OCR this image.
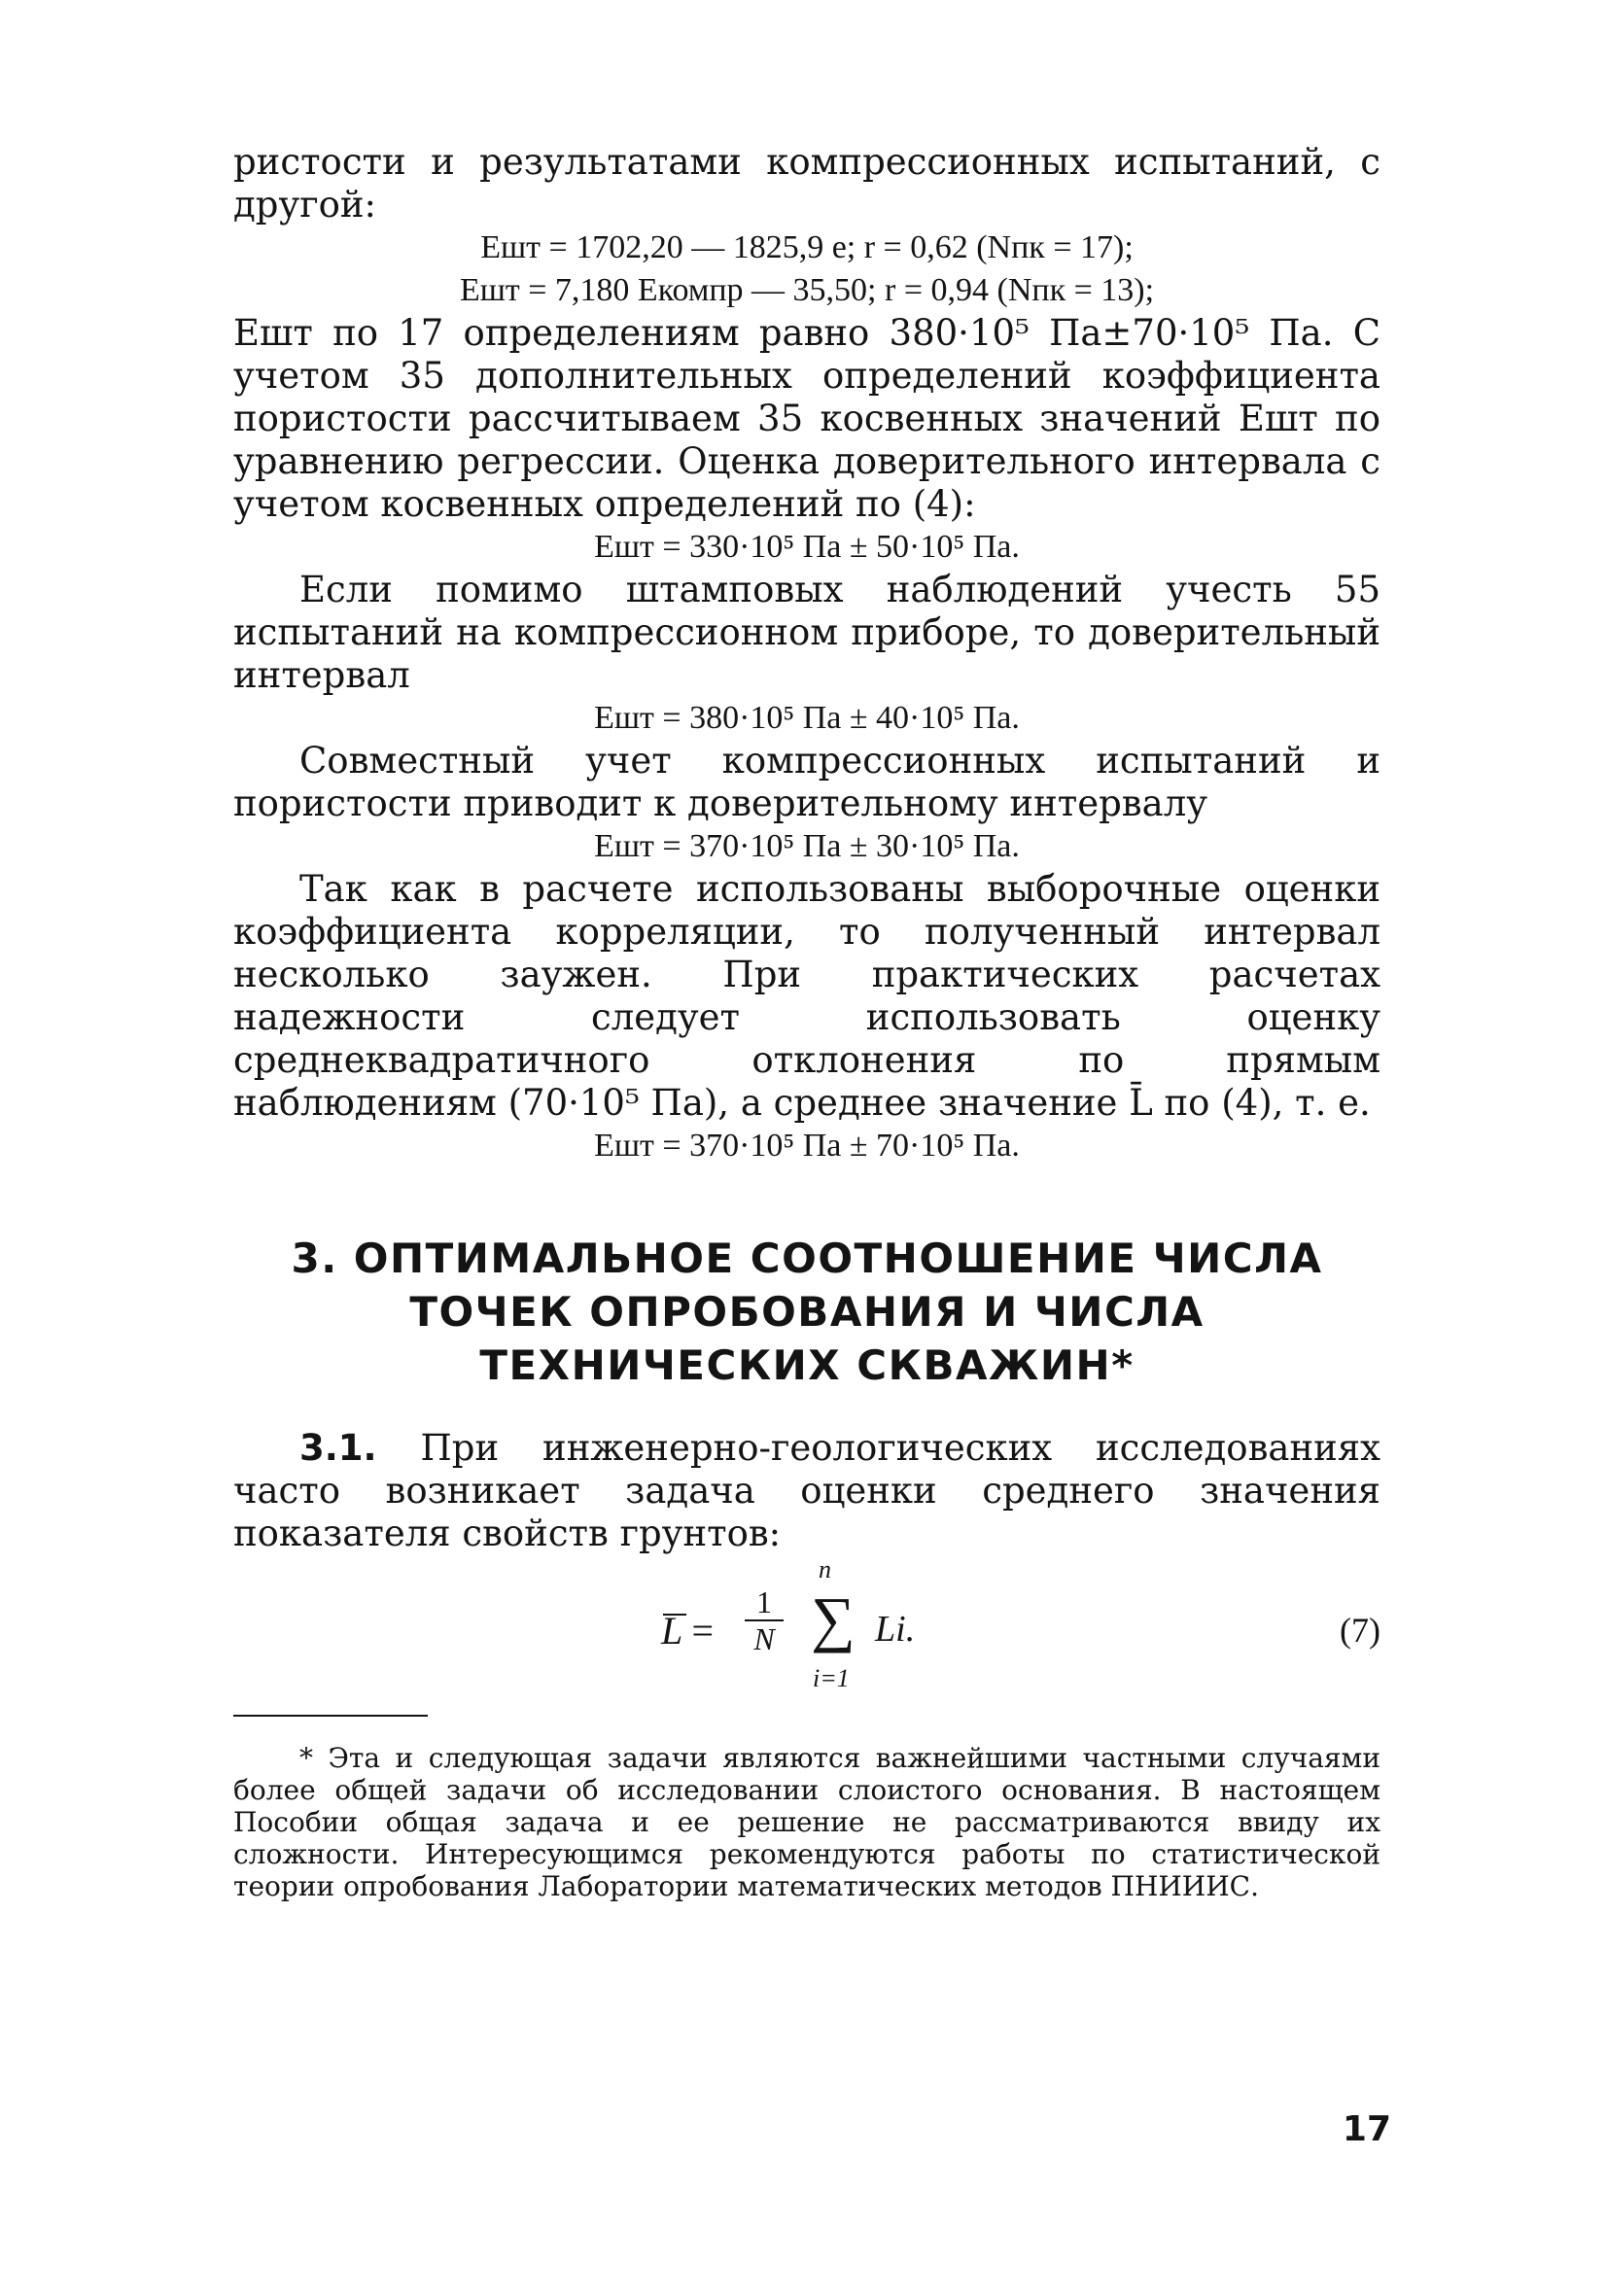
ристости и результатами компрессионных испытаний, с другой:

Eшт = 1702,20 — 1825,9 e; r = 0,62 (Nпк = 17);
Eшт = 7,180 Eкомпр — 35,50; r = 0,94 (Nпк = 13);

Eшт по 17 определениям равно 380·10⁵ Па±70·10⁵ Па. С учетом 35 дополнительных определений коэффициента пористости рассчитываем 35 косвенных значений Eшт по уравнению регрессии. Оценка доверительного интервала с учетом косвенных определений по (4):

Eшт = 330·10⁵ Па ± 50·10⁵ Па.

Если помимо штамповых наблюдений учесть 55 испытаний на компрессионном приборе, то доверительный интервал

Eшт = 380·10⁵ Па ± 40·10⁵ Па.

Совместный учет компрессионных испытаний и пористости приводит к доверительному интервалу

Eшт = 370·10⁵ Па ± 30·10⁵ Па.

Так как в расчете использованы выборочные оценки коэффициента корреляции, то полученный интервал несколько заужен. При практических расчетах надежности следует использовать оценку среднеквадратичного отклонения по прямым наблюдениям (70·10⁵ Па), а среднее значение L̄ по (4), т. е.

Eшт = 370·10⁵ Па ± 70·10⁵ Па.
3. ОПТИМАЛЬНОЕ СООТНОШЕНИЕ ЧИСЛА
ТОЧЕК ОПРОБОВАНИЯ И ЧИСЛА
ТЕХНИЧЕСКИХ СКВАЖИН*

3.1. При инженерно-геологических исследованиях часто возникает задача оценки среднего значения показателя свойств грунтов:

$L = \frac{1}{N}$
n
∑
i=1
Li.	(7)

* Эта и следующая задачи являются важнейшими частными случаями более общей задачи об исследовании слоистого основания. В настоящем Пособии общая задача и ее решение не рассматриваются ввиду их сложности. Интересующимся рекомендуются работы по статистической теории опробования Лаборатории математических методов ПНИИИС.

17
